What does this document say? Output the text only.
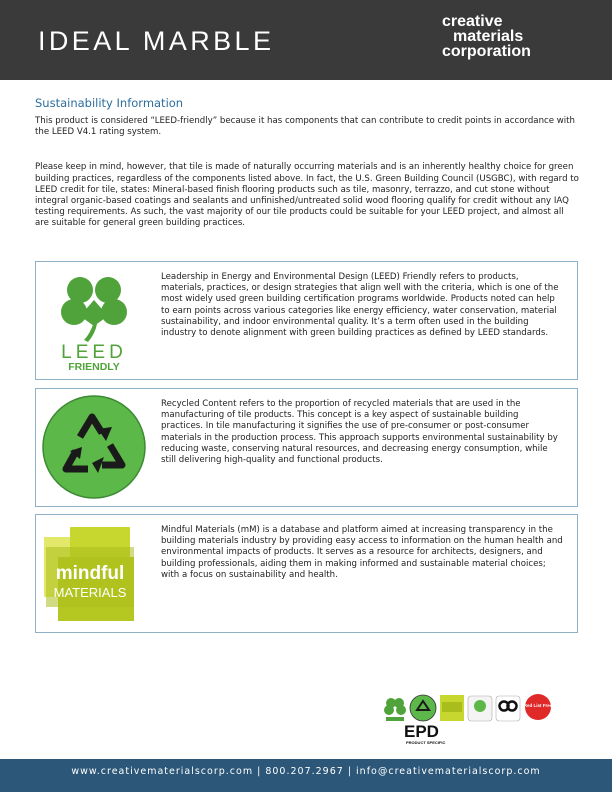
IDEAL MARBLE
creative
materials
corporation
Sustainability Information

This product is considered “LEED-friendly” because it has components that can contribute to credit points in accordance with the LEED V4.1 rating system.

Please keep in mind, however, that tile is made of naturally occurring materials and is an inherently healthy choice for green building practices, regardless of the components listed above. In fact, the U.S. Green Building Council (USGBC), with regard to LEED credit for tile, states: Mineral-based finish flooring products such as tile, masonry, terrazzo, and cut stone without integral organic-based coatings and sealants and unfinished/untreated solid wood flooring qualify for credit without any IAQ testing requirements. As such, the vast majority of our tile products could be suitable for your LEED project, and almost all are suitable for general green building practices.

LEED
FRIENDLY
Leadership in Energy and Environmental Design (LEED) Friendly refers to products, materials, practices, or design strategies that align well with the criteria, which is one of the most widely used green building certification programs worldwide. Products noted can help to earn points across various categories like energy efficiency, water conservation, material sustainability, and indoor environmental quality. It’s a term often used in the building industry to denote alignment with green building practices as defined by LEED standards.
Recycled Content refers to the proportion of recycled materials that are used in the manufacturing of tile products. This concept is a key aspect of sustainable building practices. In tile manufacturing it signifies the use of pre-consumer or post-consumer materials in the production process. This approach supports environmental sustainability by reducing waste, conserving natural resources, and decreasing energy consumption, while still delivering high-quality and functional products.
mindful
MATERIALS
Mindful Materials (mM) is a database and platform aimed at increasing transparency in the building materials industry by providing easy access to information on the human health and environmental impacts of products. It serves as a resource for architects, designers, and building professionals, aiding them in making informed and sustainable material choices; with a focus on sustainability and health.
Red List Free
EPD
PRODUCT SPECIFIC
www.creativematerialscorp.com | 800.207.2967 | info@creativematerialscorp.com
